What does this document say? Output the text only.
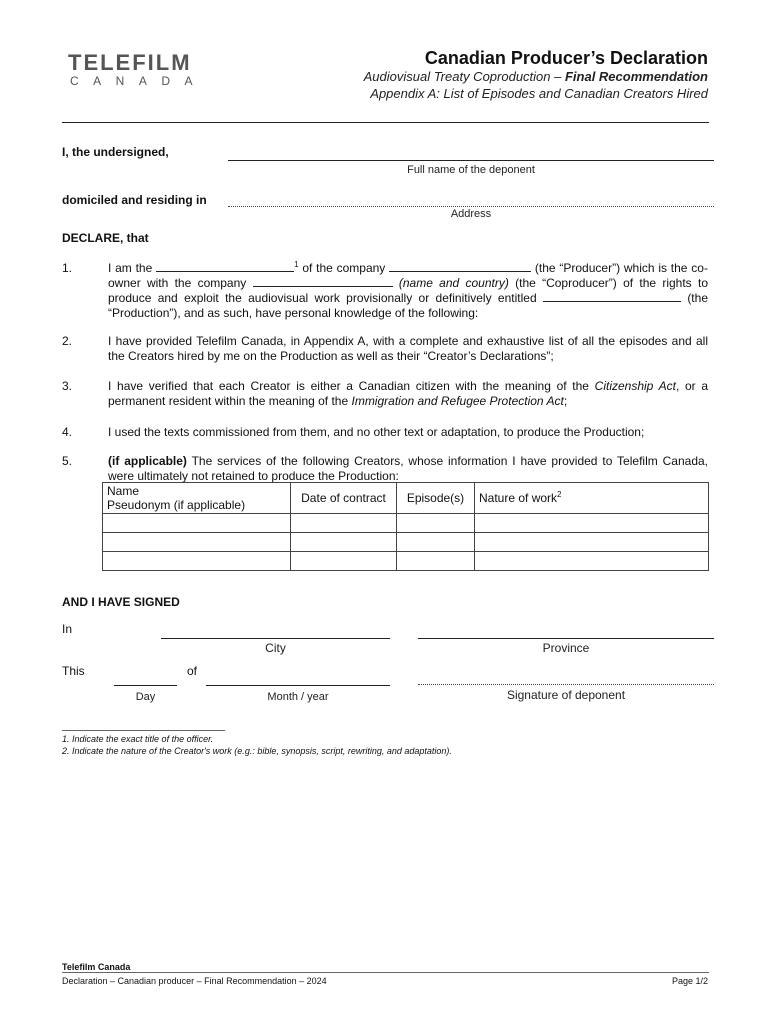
TELEFILM
CANADA
Canadian Producer’s Declaration
Audiovisual Treaty Coproduction – Final Recommendation
Appendix A: List of Episodes and Canadian Creators Hired
I, the undersigned,
Full name of the deponent
domiciled and residing in
Address
DECLARE, that
1.	I am the	$^1$ of the company	(the “Producer”) which is the co-owner with the company	(name and country) (the “Coproducer”) of the rights to produce and exploit the audiovisual work provisionally or definitively entitled	(the “Production”), and as such, have personal knowledge of the following:
2.	I have provided Telefilm Canada, in Appendix A, with a complete and exhaustive list of all the episodes and all the Creators hired by me on the Production as well as their “Creator’s Declarations”;
3.	I have verified that each Creator is either a Canadian citizen with the meaning of the Citizenship Act, or a permanent resident within the meaning of the Immigration and Refugee Protection Act;
4.	I used the texts commissioned from them, and no other text or adaptation, to produce the Production;
5.	(if applicable) The services of the following Creators, whose information I have provided to Telefilm Canada, were ultimately not retained to produce the Production:
Name
Pseudonym (if applicable)	Date of contract	Episode(s)	Nature of work$^2$

AND I HAVE SIGNED
In
City	Province
This	of
Day	Month / year	Signature of deponent
1. Indicate the exact title of the officer.
2. Indicate the nature of the Creator's work (e.g.: bible, synopsis, script, rewriting, and adaptation).
Telefilm Canada
Declaration – Canadian producer – Final Recommendation – 2024	Page 1/2
